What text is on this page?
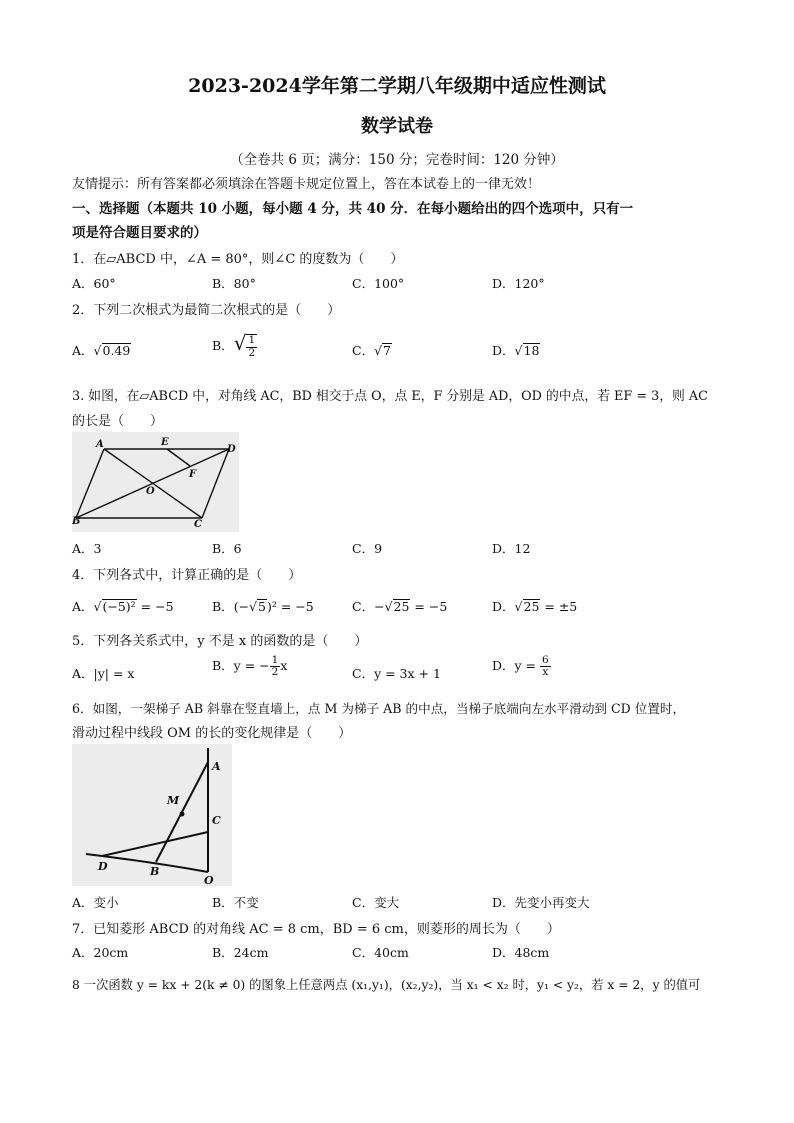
2023-2024学年第二学期八年级期中适应性测试
数学试卷
（全卷共 6 页；满分：150 分；完卷时间：120 分钟）
友情提示：所有答案都必须填涂在答题卡规定位置上，答在本试卷上的一律无效！
一、选择题（本题共 10 小题，每小题 4 分，共 40 分．在每小题给出的四个选项中，只有一
项是符合题目要求的）
1．在▱ABCD 中，∠A = 80°，则∠C 的度数为（　　）
A．60°	B．80°	C．100°	D．120°
2．下列二次根式为最简二次根式的是（　　）
A．√0.49	B．√ $\frac{1}{2}$	C．√7	D．√18
3. 如图，在▱ABCD 中，对角线 AC，BD 相交于点 O，点 E，F 分别是 AD，OD 的中点，若 EF = 3，则 AC
的长是（　　）
A	E
D
F
O
B	C
A．3	B．6	C．9	D．12
4．下列各式中，计算正确的是（　　）
A．√(−5)² = −5	B．(−√5)² = −5	C．−√25 = −5	D．√25 = ±5
5．下列各关系式中，y 不是 x 的函数的是（　　）
A．|y| = x
B．y = − $\frac{1}{2}$ x
C．y = 3x + 1
D．$y = \frac{6}{x}$
6．如图，一架梯子 AB 斜靠在竖直墙上，点 M 为梯子 AB 的中点，当梯子底端向左水平滑动到 CD 位置时，
滑动过程中线段 OM 的长的变化规律是（　　）
A
M
C
D	B
O
A．变小	B．不变	C．变大	D．先变小再变大
7．已知菱形 ABCD 的对角线 AC = 8 cm，BD = 6 cm，则菱形的周长为（　　）
A．20cm	B．24cm	C．40cm	D．48cm
8 一次函数 y = kx + 2(k ≠ 0) 的图象上任意两点 (x₁,y₁)，(x₂,y₂)，当 x₁ < x₂ 时，y₁ < y₂，若 x = 2，y 的值可
